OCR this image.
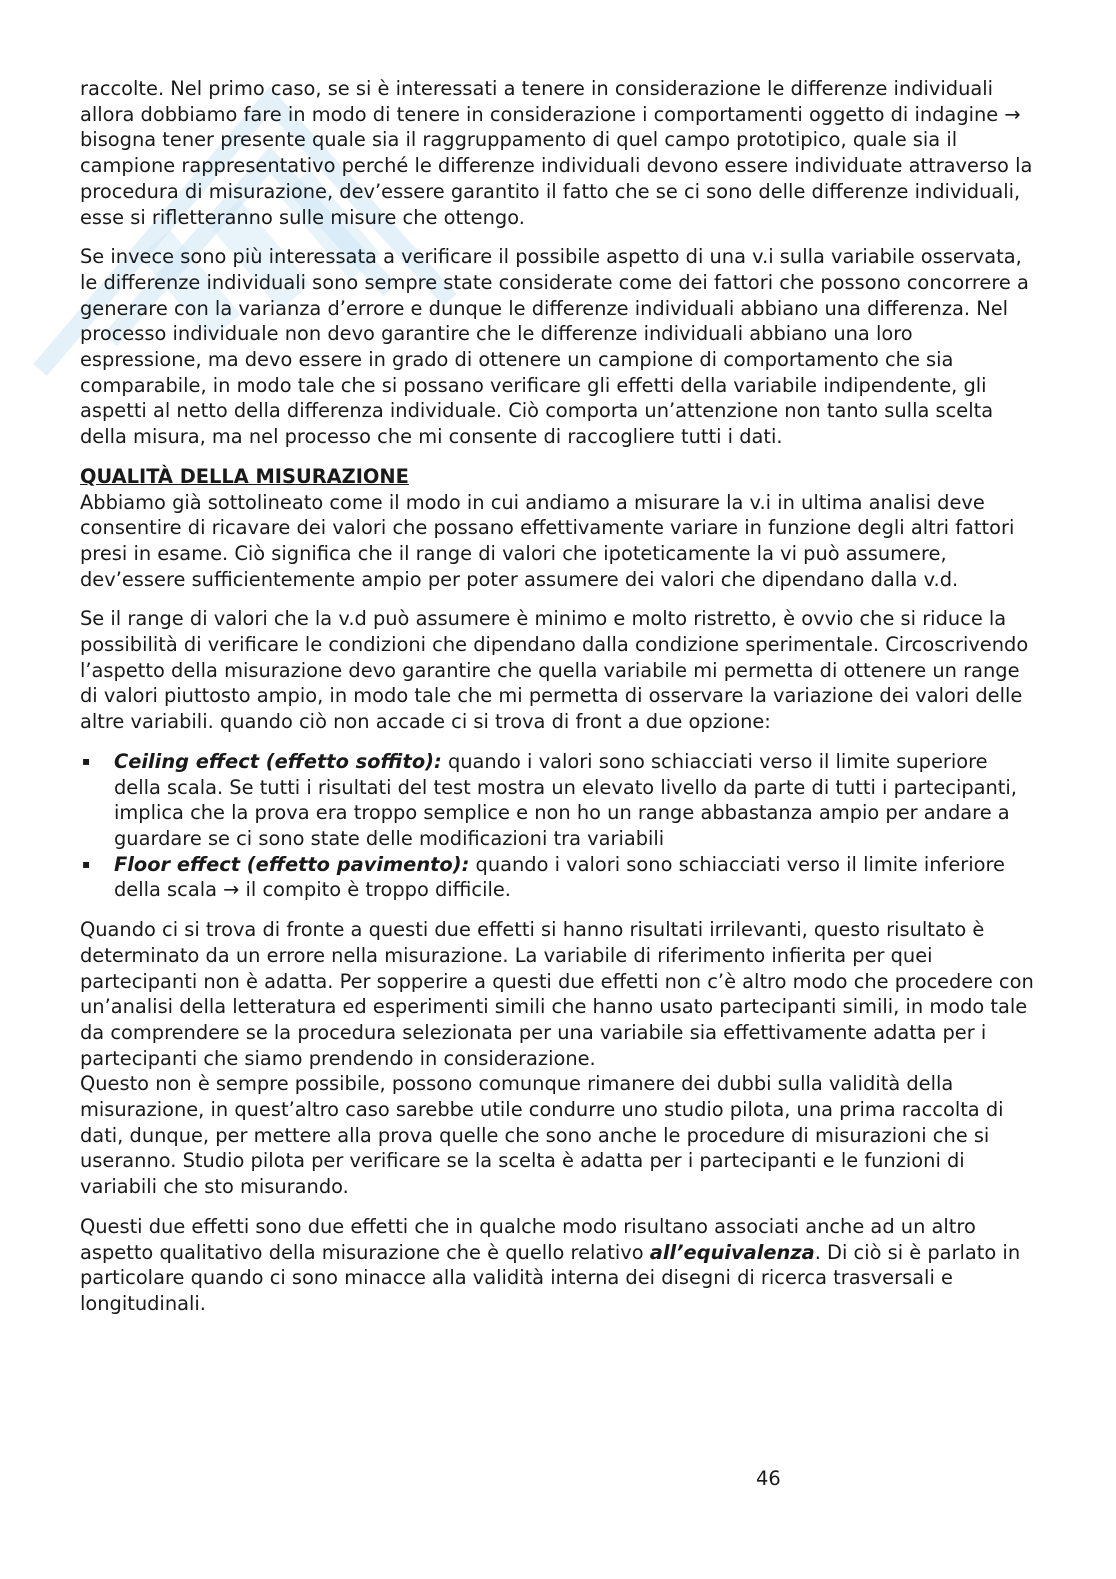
raccolte. Nel primo caso, se si è interessati a tenere in considerazione le differenze individuali allora dobbiamo fare in modo di tenere in considerazione i comportamenti oggetto di indagine → bisogna tener presente quale sia il raggruppamento di quel campo prototipico, quale sia il campione rappresentativo perché le differenze individuali devono essere individuate attraverso la procedura di misurazione, dev’essere garantito il fatto che se ci sono delle differenze individuali, esse si rifletteranno sulle misure che ottengo.

Se invece sono più interessata a verificare il possibile aspetto di una v.i sulla variabile osservata, le differenze individuali sono sempre state considerate come dei fattori che possono concorrere a generare con la varianza d’errore e dunque le differenze individuali abbiano una differenza. Nel processo individuale non devo garantire che le differenze individuali abbiano una loro espressione, ma devo essere in grado di ottenere un campione di comportamento che sia comparabile, in modo tale che si possano verificare gli effetti della variabile indipendente, gli aspetti al netto della differenza individuale. Ciò comporta un’attenzione non tanto sulla scelta della misura, ma nel processo che mi consente di raccogliere tutti i dati.

QUALITÀ DELLA MISURAZIONE

Abbiamo già sottolineato come il modo in cui andiamo a misurare la v.i in ultima analisi deve consentire di ricavare dei valori che possano effettivamente variare in funzione degli altri fattori presi in esame. Ciò significa che il range di valori che ipoteticamente la vi può assumere, dev’essere sufficientemente ampio per poter assumere dei valori che dipendano dalla v.d.

Se il range di valori che la v.d può assumere è minimo e molto ristretto, è ovvio che si riduce la possibilità di verificare le condizioni che dipendano dalla condizione sperimentale. Circoscrivendo l’aspetto della misurazione devo garantire che quella variabile mi permetta di ottenere un range di valori piuttosto ampio, in modo tale che mi permetta di osservare la variazione dei valori delle altre variabili. quando ciò non accade ci si trova di front a due opzione:

▪ Ceiling effect (effetto soffito): quando i valori sono schiacciati verso il limite superiore della scala. Se tutti i risultati del test mostra un elevato livello da parte di tutti i partecipanti, implica che la prova era troppo semplice e non ho un range abbastanza ampio per andare a guardare se ci sono state delle modificazioni tra variabili
▪ Floor effect (effetto pavimento): quando i valori sono schiacciati verso il limite inferiore della scala → il compito è troppo difficile.

Quando ci si trova di fronte a questi due effetti si hanno risultati irrilevanti, questo risultato è determinato da un errore nella misurazione. La variabile di riferimento infierita per quei partecipanti non è adatta. Per sopperire a questi due effetti non c’è altro modo che procedere con un’analisi della letteratura ed esperimenti simili che hanno usato partecipanti simili, in modo tale da comprendere se la procedura selezionata per una variabile sia effettivamente adatta per i partecipanti che siamo prendendo in considerazione.

Questo non è sempre possibile, possono comunque rimanere dei dubbi sulla validità della misurazione, in quest’altro caso sarebbe utile condurre uno studio pilota, una prima raccolta di dati, dunque, per mettere alla prova quelle che sono anche le procedure di misurazioni che si useranno. Studio pilota per verificare se la scelta è adatta per i partecipanti e le funzioni di variabili che sto misurando.

Questi due effetti sono due effetti che in qualche modo risultano associati anche ad un altro aspetto qualitativo della misurazione che è quello relativo all’equivalenza. Di ciò si è parlato in particolare quando ci sono minacce alla validità interna dei disegni di ricerca trasversali e longitudinali.

46
